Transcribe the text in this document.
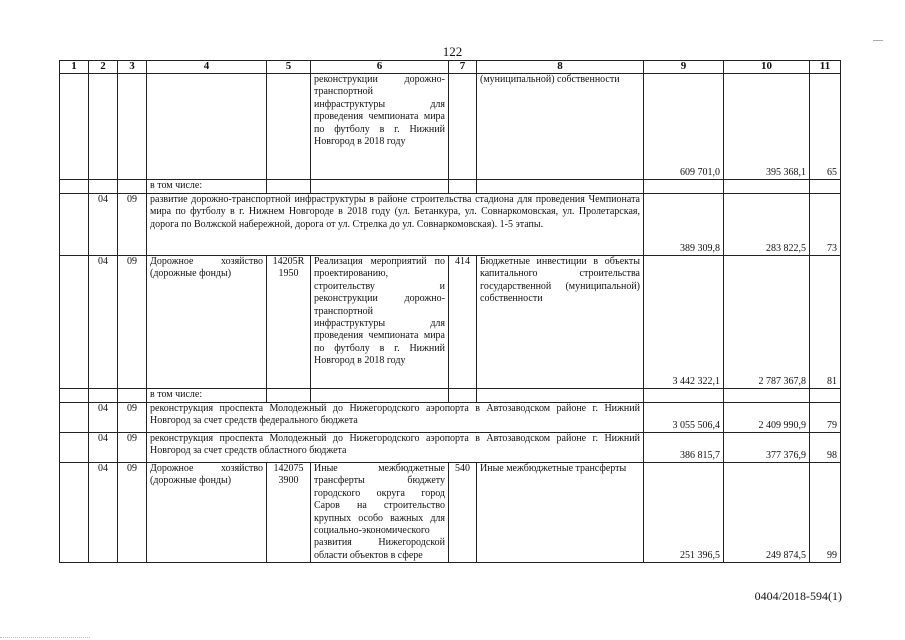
122
1	2	3	4	5	6	7	8	9	10	11
					реконструкции дорожно-транспортной инфраструктуры для проведения чемпионата мира по футболу в г. Нижний Новгород в 2018 году		(муниципальной) собственности	609 701,0	395 368,1	65
			в том числе:							
	04	09	развитие дорожно-транспортной инфраструктуры в районе строительства стадиона для проведения Чемпионата мира по футболу в г. Нижнем Новгороде в 2018 году (ул. Бетанкура, ул. Совнаркомовская, ул. Пролетарская, дорога по Волжской набережной, дорога от ул. Стрелка до ул. Совнаркомовская). 1-5 этапы.					389 309,8	283 822,5	73
	04	09	Дорожное хозяйство (дорожные фонды)	14205R 1950	Реализация мероприятий по проектированию, строительству и реконструкции дорожно-транспортной инфраструктуры для проведения чемпионата мира по футболу в г. Нижний Новгород в 2018 году	414	Бюджетные инвестиции в объекты капитального строительства государственной (муниципальной) собственности	3 442 322,1	2 787 367,8	81
			в том числе:							
	04	09	реконструкция проспекта Молодежный до Нижегородского аэропорта в Автозаводском районе г. Нижний Новгород за счет средств федерального бюджета					3 055 506,4	2 409 990,9	79
	04	09	реконструкция проспекта Молодежный до Нижегородского аэропорта в Автозаводском районе г. Нижний Новгород за счет средств областного бюджета					386 815,7	377 376,9	98
	04	09	Дорожное хозяйство (дорожные фонды)	142075 3900	Иные межбюджетные трансферты бюджету городского округа город Саров на строительство крупных особо важных для социально-экономического развития Нижегородской области объектов в сфере	540	Иные межбюджетные трансферты	251 396,5	249 874,5	99
0404/2018-594(1)
